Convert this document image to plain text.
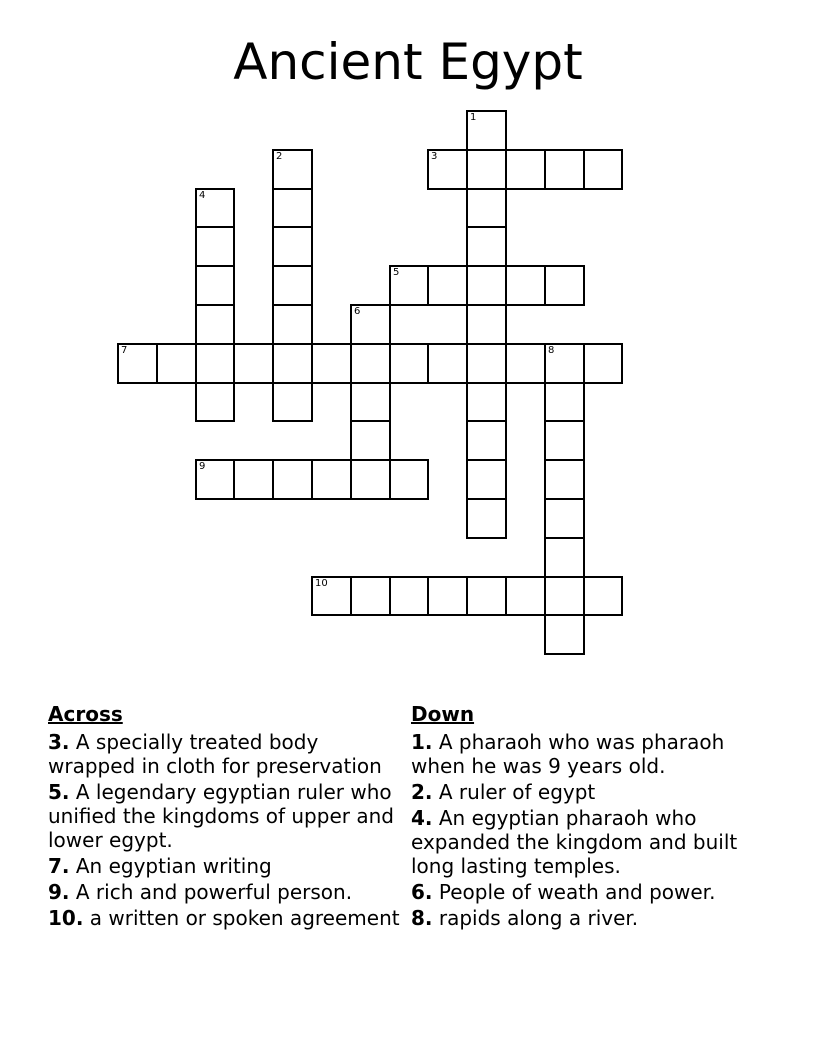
Ancient Egypt
1
2	3
4
5
6
7	8
9
10
Across
3. A specially treated body wrapped in cloth for preservation
5. A legendary egyptian ruler who unified the kingdoms of upper and lower egypt.
7. An egyptian writing
9. A rich and powerful person.
10. a written or spoken agreement
Down
1. A pharaoh who was pharaoh when he was 9 years old.
2. A ruler of egypt
4. An egyptian pharaoh who expanded the kingdom and built long lasting temples.
6. People of weath and power.
8. rapids along a river.
